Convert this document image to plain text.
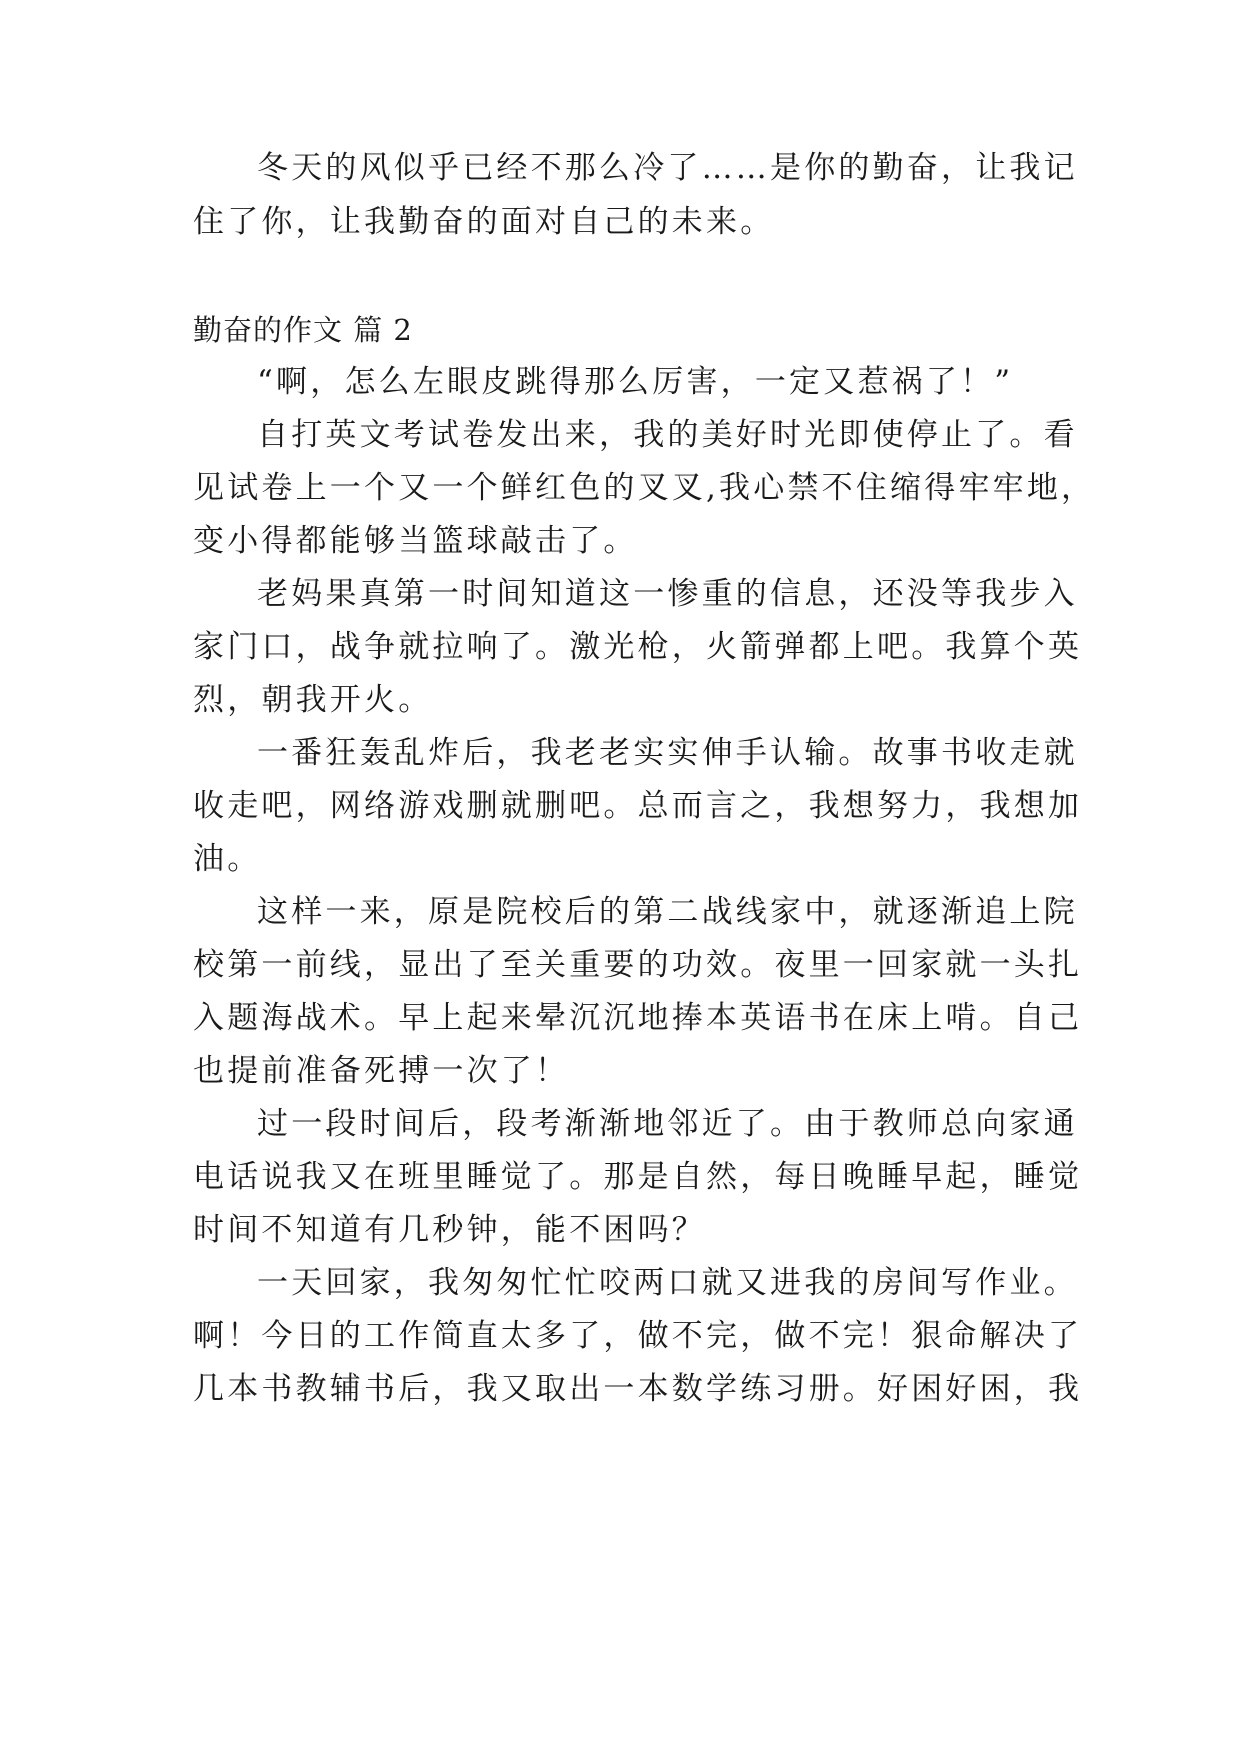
冬天的风似乎已经不那么冷了……是你的勤奋，让我记
住了你，让我勤奋的面对自己的未来。
勤奋的作文 篇 2
“啊，怎么左眼皮跳得那么厉害，一定又惹祸了！”
自打英文考试卷发出来，我的美好时光即使停止了。看
见试卷上一个又一个鲜红色的叉叉,我心禁不住缩得牢牢地，
变小得都能够当篮球敲击了。
老妈果真第一时间知道这一惨重的信息，还没等我步入
家门口，战争就拉响了。激光枪，火箭弹都上吧。我算个英
烈，朝我开火。
一番狂轰乱炸后，我老老实实伸手认输。故事书收走就
收走吧，网络游戏删就删吧。总而言之，我想努力，我想加
油。
这样一来，原是院校后的第二战线家中，就逐渐追上院
校第一前线，显出了至关重要的功效。夜里一回家就一头扎
入题海战术。早上起来晕沉沉地捧本英语书在床上啃。自己
也提前准备死搏一次了！
过一段时间后，段考渐渐地邻近了。由于教师总向家通
电话说我又在班里睡觉了。那是自然，每日晚睡早起，睡觉
时间不知道有几秒钟，能不困吗？
一天回家，我匆匆忙忙咬两口就又进我的房间写作业。
啊！今日的工作简直太多了，做不完，做不完！狠命解决了
几本书教辅书后，我又取出一本数学练习册。好困好困，我
